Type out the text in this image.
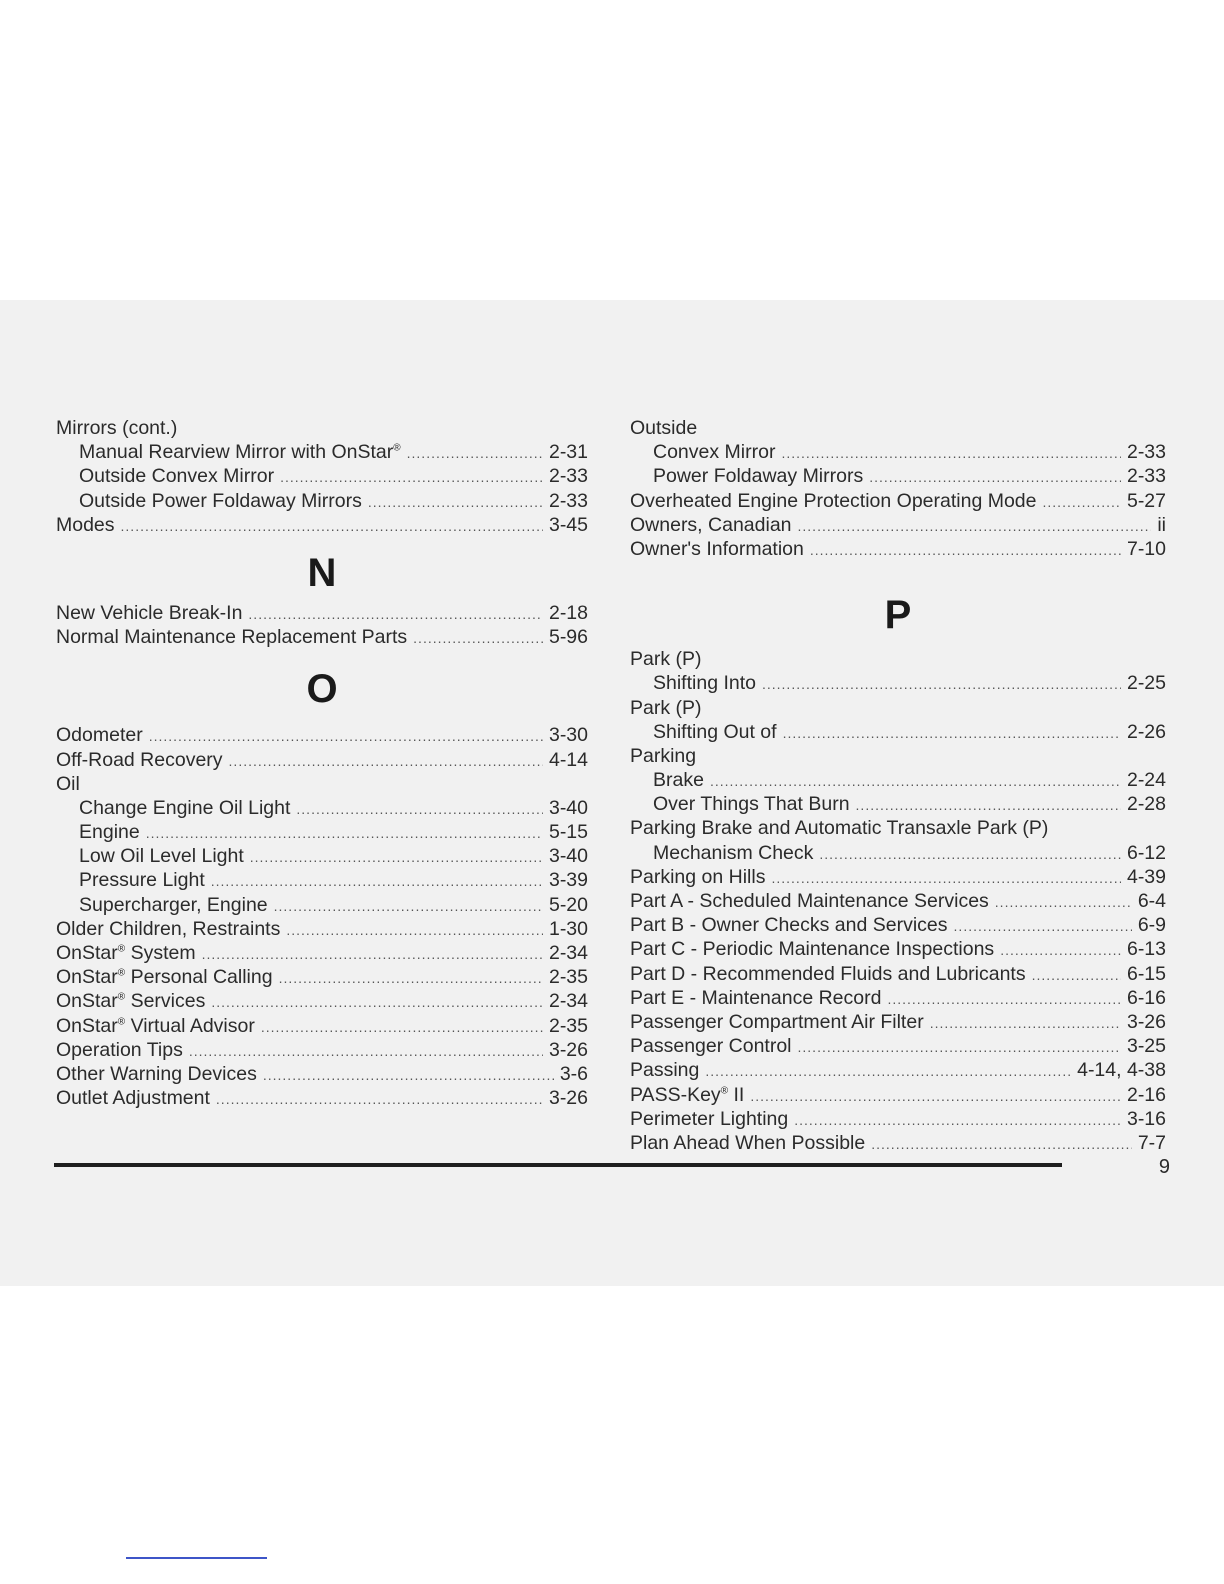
Mirrors (cont.)
Manual Rearview Mirror with OnStar® .....	2-31
Outside Convex Mirror .....	2-33
Outside Power Foldaway Mirrors .....	2-33
Modes .....	3-45
N
New Vehicle Break-In .....	2-18
Normal Maintenance Replacement Parts .....	5-96
O
Odometer .....	3-30
Off-Road Recovery .....	4-14
Oil
Change Engine Oil Light .....	3-40
Engine .....	5-15
Low Oil Level Light .....	3-40
Pressure Light .....	3-39
Supercharger, Engine .....	5-20
Older Children, Restraints .....	1-30
OnStar® System .....	2-34
OnStar® Personal Calling .....	2-35
OnStar® Services .....	2-34
OnStar® Virtual Advisor .....	2-35
Operation Tips .....	3-26
Other Warning Devices .....	3-6
Outlet Adjustment .....	3-26
Outside
Convex Mirror .....	2-33
Power Foldaway Mirrors .....	2-33
Overheated Engine Protection Operating Mode .....	5-27
Owners, Canadian .....	ii
Owner's Information .....	7-10
P
Park (P)
Shifting Into .....	2-25
Park (P)
Shifting Out of .....	2-26
Parking
Brake .....	2-24
Over Things That Burn .....	2-28
Parking Brake and Automatic Transaxle Park (P)
Mechanism Check .....	6-12
Parking on Hills .....	4-39
Part A - Scheduled Maintenance Services .....	6-4
Part B - Owner Checks and Services .....	6-9
Part C - Periodic Maintenance Inspections .....	6-13
Part D - Recommended Fluids and Lubricants .....	6-15
Part E - Maintenance Record .....	6-16
Passenger Compartment Air Filter .....	3-26
Passenger Control .....	3-25
Passing .....	4-14, 4-38
PASS-Key® II .....	2-16
Perimeter Lighting .....	3-16
Plan Ahead When Possible .....	7-7
9
